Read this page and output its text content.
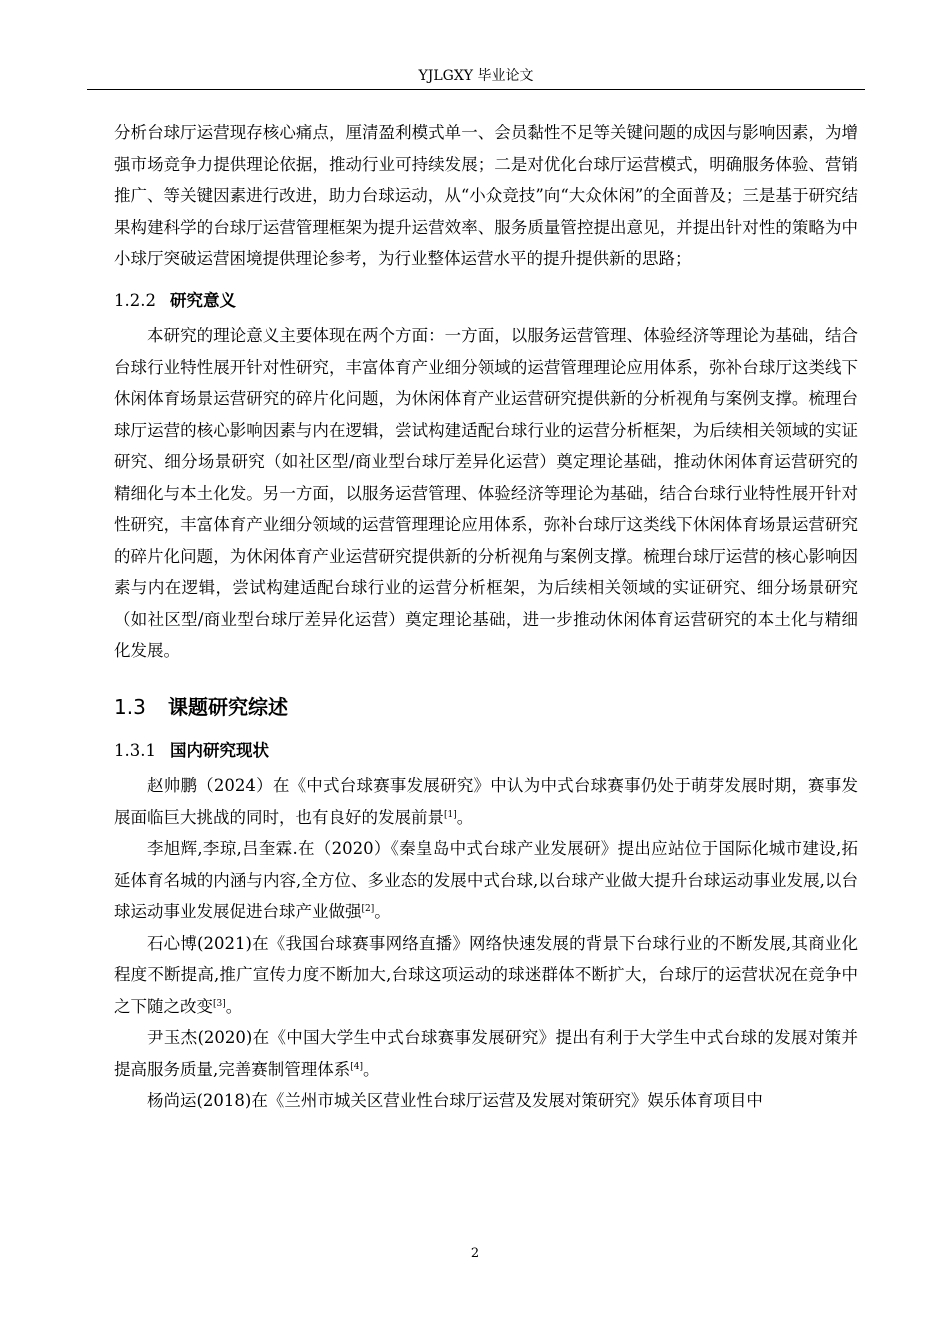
YJLGXY 毕业论文

分析台球厅运营现存核心痛点，厘清盈利模式单一、会员黏性不足等关键问题的成因与影响因素，为增强市场竞争力提供理论依据，推动行业可持续发展；二是对优化台球厅运营模式，明确服务体验、营销推广、等关键因素进行改进，助力台球运动，从“小众竞技”向“大众休闲”的全面普及；三是基于研究结果构建科学的台球厅运营管理框架为提升运营效率、服务质量管控提出意见，并提出针对性的策略为中小球厅突破运营困境提供理论参考，为行业整体运营水平的提升提供新的思路；

1.2.2 研究意义

本研究的理论意义主要体现在两个方面：一方面，以服务运营管理、体验经济等理论为基础，结合台球行业特性展开针对性研究，丰富体育产业细分领域的运营管理理论应用体系，弥补台球厅这类线下休闲体育场景运营研究的碎片化问题，为休闲体育产业运营研究提供新的分析视角与案例支撑。梳理台球厅运营的核心影响因素与内在逻辑，尝试构建适配台球行业的运营分析框架，为后续相关领域的实证研究、细分场景研究（如社区型/商业型台球厅差异化运营）奠定理论基础，推动休闲体育运营研究的精细化与本土化发。另一方面，以服务运营管理、体验经济等理论为基础，结合台球行业特性展开针对性研究，丰富体育产业细分领域的运营管理理论应用体系，弥补台球厅这类线下休闲体育场景运营研究的碎片化问题，为休闲体育产业运营研究提供新的分析视角与案例支撑。梳理台球厅运营的核心影响因素与内在逻辑，尝试构建适配台球行业的运营分析框架，为后续相关领域的实证研究、细分场景研究（如社区型/商业型台球厅差异化运营）奠定理论基础，进一步推动休闲体育运营研究的本土化与精细化发展。

1.3 课题研究综述

1.3.1 国内研究现状

赵帅鹏（2024）在《中式台球赛事发展研究》中认为中式台球赛事仍处于萌芽发展时期，赛事发展面临巨大挑战的同时，也有良好的发展前景[1]。

李旭辉,李琼,吕奎霖.在（2020）《秦皇岛中式台球产业发展研》提出应站位于国际化城市建设,拓延体育名城的内涵与内容,全方位、多业态的发展中式台球,以台球产业做大提升台球运动事业发展,以台球运动事业发展促进台球产业做强[2]。

石心博(2021)在《我国台球赛事网络直播》网络快速发展的背景下台球行业的不断发展,其商业化程度不断提高,推广宣传力度不断加大,台球这项运动的球迷群体不断扩大，台球厅的运营状况在竞争中之下随之改变[3]。

尹玉杰(2020)在《中国大学生中式台球赛事发展研究》提出有利于大学生中式台球的发展对策并提高服务质量,完善赛制管理体系[4]。

杨尚运(2018)在《兰州市城关区营业性台球厅运营及发展对策研究》娱乐体育项目中

2
